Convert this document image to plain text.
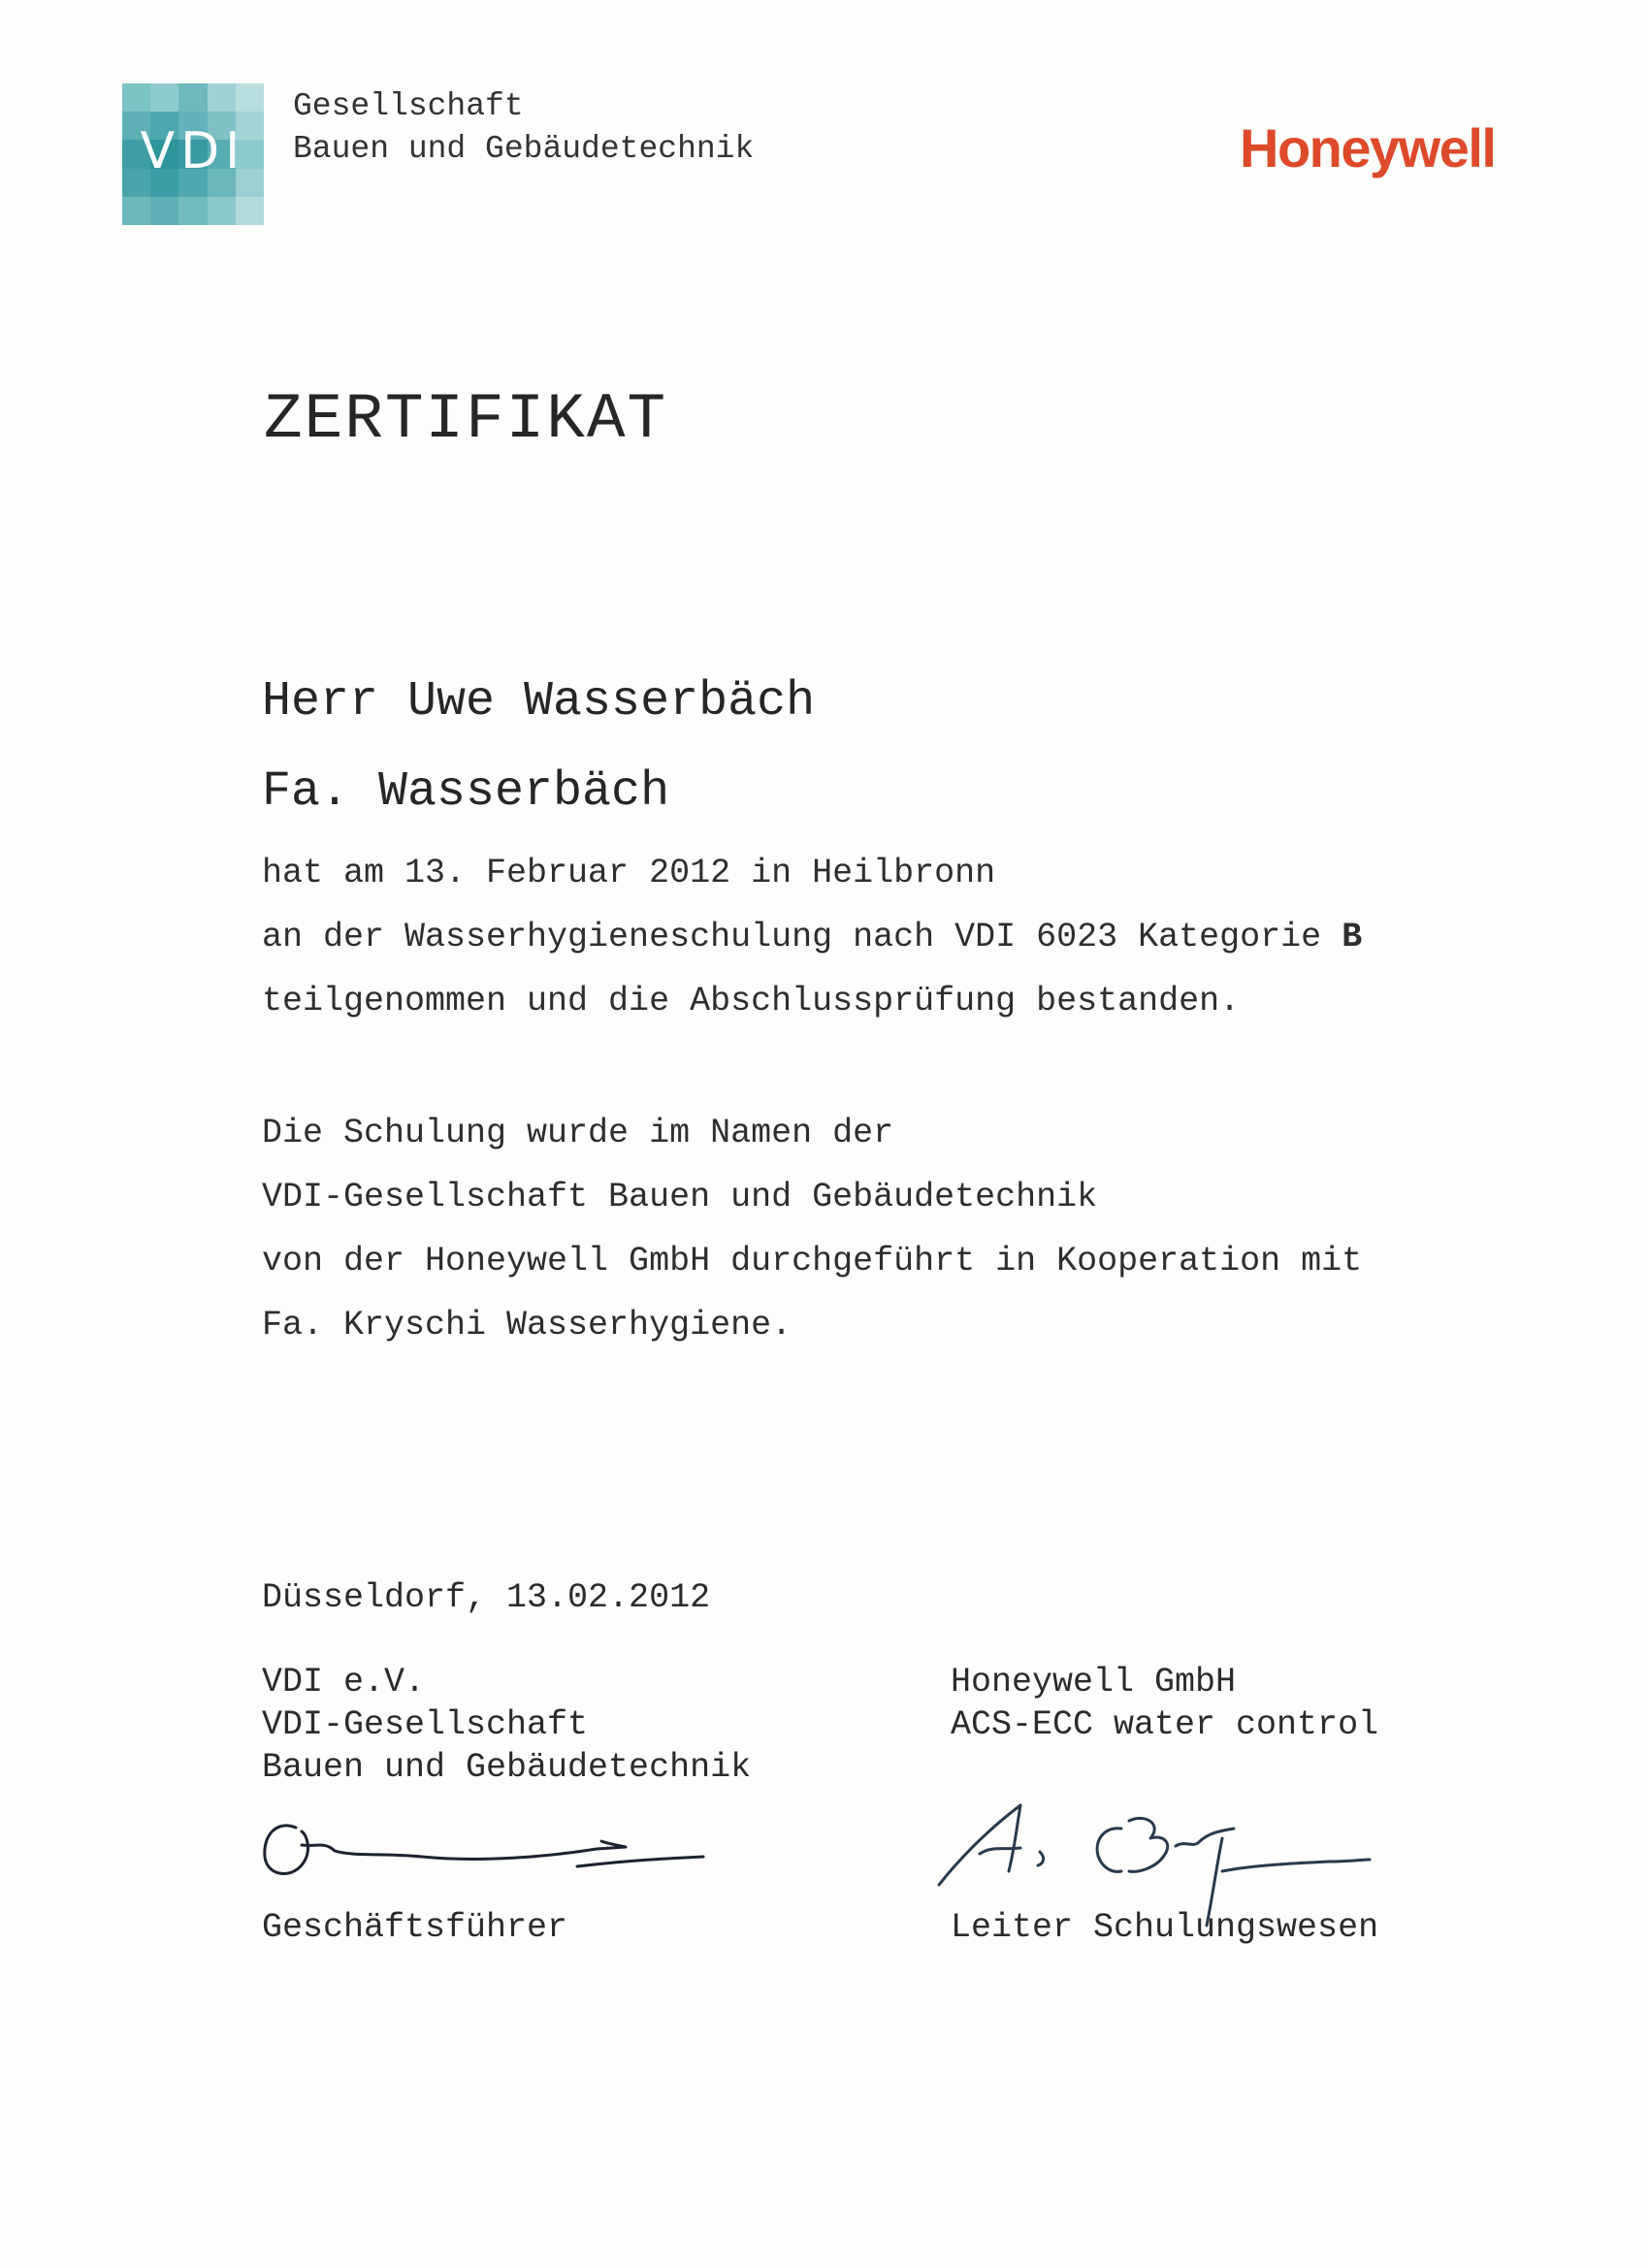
VDI
Gesellschaft
Bauen und Gebäudetechnik	Honeywell
ZERTIFIKAT
Herr Uwe Wasserbäch
Fa. Wasserbäch
hat am 13. Februar 2012 in Heilbronn
an der Wasserhygieneschulung nach VDI 6023 Kategorie B
teilgenommen und die Abschlussprüfung bestanden.
Die Schulung wurde im Namen der
VDI-Gesellschaft Bauen und Gebäudetechnik
von der Honeywell GmbH durchgeführt in Kooperation mit
Fa. Kryschi Wasserhygiene.
Düsseldorf, 13.02.2012
VDI e.V.
VDI-Gesellschaft
Bauen und Gebäudetechnik
Geschäftsführer
Honeywell GmbH
ACS-ECC water control
Leiter Schulungswesen
